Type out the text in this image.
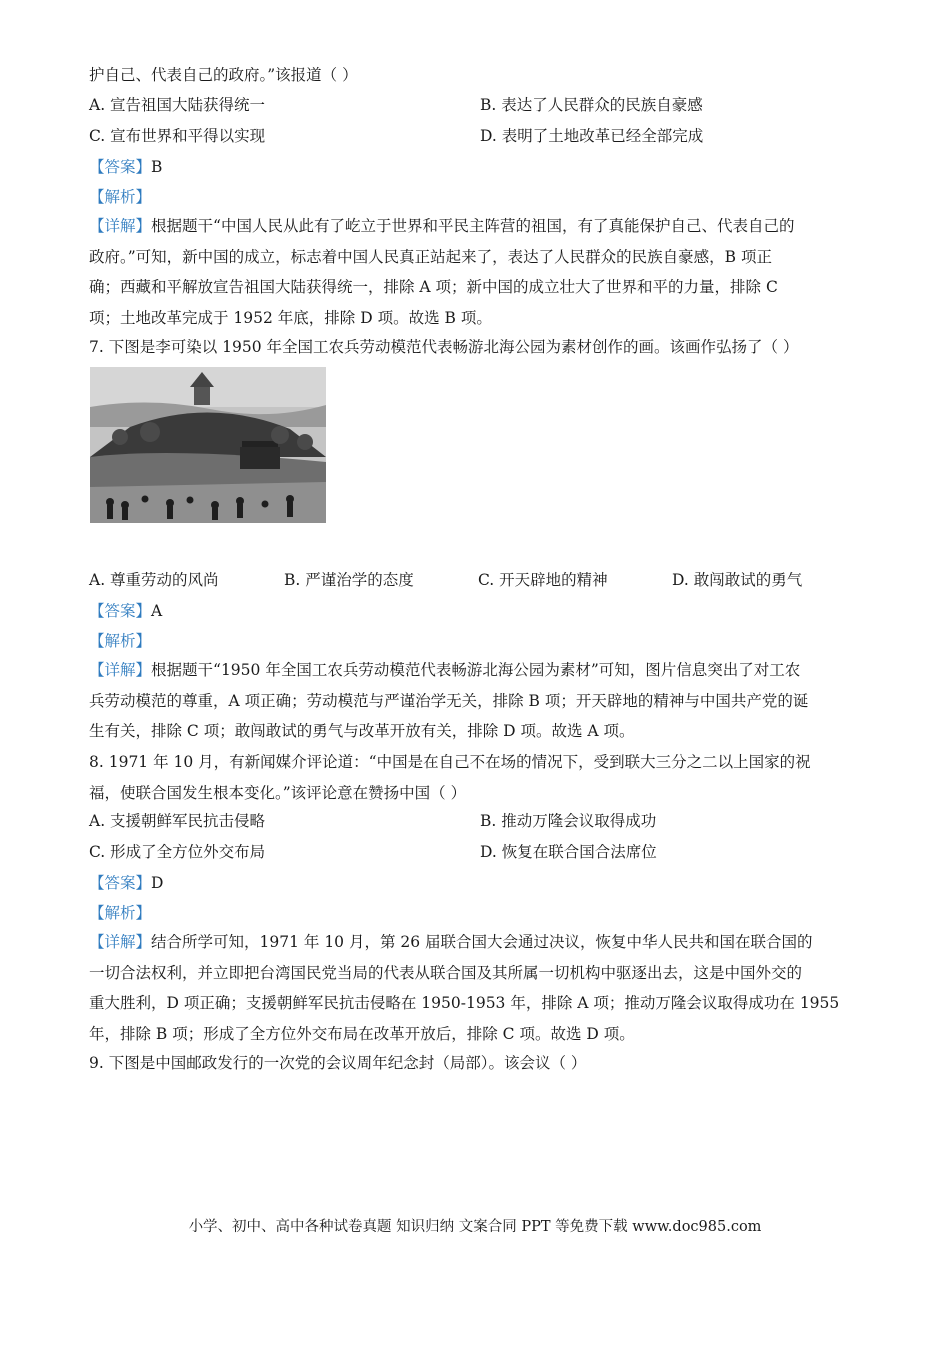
护自己、代表自己的政府。”该报道（ ）
A. 宣告祖国大陆获得统一	B. 表达了人民群众的民族自豪感
C. 宣布世界和平得以实现	D. 表明了土地改革已经全部完成
【答案】B
【解析】
【详解】根据题干“中国人民从此有了屹立于世界和平民主阵营的祖国，有了真能保护自己、代表自己的
政府。”可知，新中国的成立，标志着中国人民真正站起来了，表达了人民群众的民族自豪感，B 项正
确；西藏和平解放宣告祖国大陆获得统一，排除 A 项；新中国的成立壮大了世界和平的力量，排除 C
项；土地改革完成于 1952 年底，排除 D 项。故选 B 项。
7. 下图是李可染以 1950 年全国工农兵劳动模范代表畅游北海公园为素材创作的画。该画作弘扬了（ ）
A. 尊重劳动的风尚	B. 严谨治学的态度	C. 开天辟地的精神	D. 敢闯敢试的勇气
【答案】A
【解析】
【详解】根据题干“1950 年全国工农兵劳动模范代表畅游北海公园为素材”可知，图片信息突出了对工农
兵劳动模范的尊重，A 项正确；劳动模范与严谨治学无关，排除 B 项；开天辟地的精神与中国共产党的诞
生有关，排除 C 项；敢闯敢试的勇气与改革开放有关，排除 D 项。故选 A 项。
8. 1971 年 10 月，有新闻媒介评论道：“中国是在自己不在场的情况下，受到联大三分之二以上国家的祝
福，使联合国发生根本变化。”该评论意在赞扬中国（ ）
A. 支援朝鲜军民抗击侵略	B. 推动万隆会议取得成功
C. 形成了全方位外交布局	D. 恢复在联合国合法席位
【答案】D
【解析】
【详解】结合所学可知，1971 年 10 月，第 26 届联合国大会通过决议，恢复中华人民共和国在联合国的
一切合法权利，并立即把台湾国民党当局的代表从联合国及其所属一切机构中驱逐出去，这是中国外交的
重大胜利，D 项正确；支援朝鲜军民抗击侵略在 1950-1953 年，排除 A 项；推动万隆会议取得成功在 1955
年，排除 B 项；形成了全方位外交布局在改革开放后，排除 C 项。故选 D 项。
9. 下图是中国邮政发行的一次党的会议周年纪念封（局部）。该会议（ ）
小学、初中、高中各种试卷真题 知识归纳 文案合同 PPT 等免费下载 www.doc985.com
